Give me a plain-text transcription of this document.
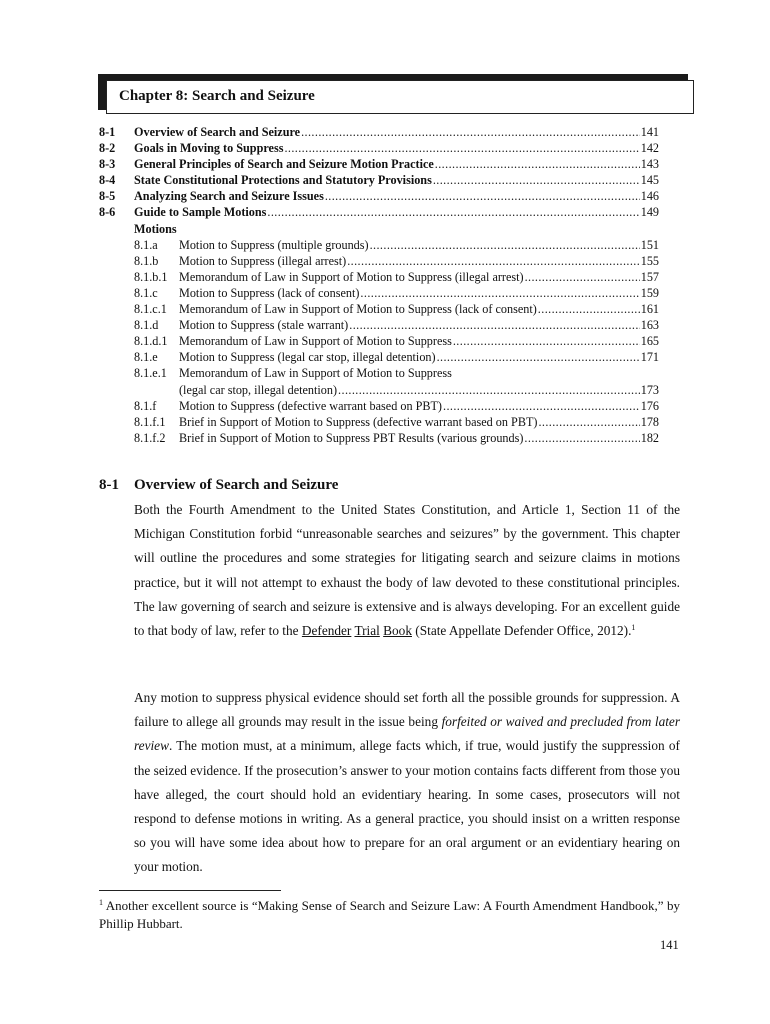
Chapter 8: Search and Seizure
8-1	Overview of Search and Seizure .....	141
8-2	Goals in Moving to Suppress .....	142
8-3	General Principles of Search and Seizure Motion Practice .....	143
8-4	State Constitutional Protections and Statutory Provisions .....	145
8-5	Analyzing Search and Seizure Issues .....	146
8-6	Guide to Sample Motions .....	149
Motions
8.1.a	Motion to Suppress (multiple grounds) .....	151
8.1.b	Motion to Suppress (illegal arrest) .....	155
8.1.b.1 Memorandum of Law in Support of Motion to Suppress (illegal arrest) .....	157
8.1.c	Motion to Suppress (lack of consent) .....	159
8.1.c.1 Memorandum of Law in Support of Motion to Suppress (lack of consent) .....	161
8.1.d	Motion to Suppress (stale warrant) .....	163
8.1.d.1 Memorandum of Law in Support of Motion to Suppress .....	165
8.1.e	Motion to Suppress (legal car stop, illegal detention) .....	171
8.1.e.1 Memorandum of Law in Support of Motion to Suppress
(legal car stop, illegal detention) .....	173
8.1.f	Motion to Suppress (defective warrant based on PBT) .....	176
8.1.f.1	Brief in Support of Motion to Suppress (defective warrant based on PBT) .....	178
8.1.f.2	Brief in Support of Motion to Suppress PBT Results (various grounds) .....	182
8-1 Overview of Search and Seizure

Both the Fourth Amendment to the United States Constitution, and Article 1, Section 11 of the Michigan Constitution forbid “unreasonable searches and seizures” by the government. This chapter will outline the procedures and some strategies for litigating search and seizure claims in motions practice, but it will not attempt to exhaust the body of law devoted to these constitutional principles. The law governing of search and seizure is extensive and is always developing. For an excellent guide to that body of law, refer to the Defender Trial Book (State Appellate Defender Office, 2012).$^1$

Any motion to suppress physical evidence should set forth all the possible grounds for suppression. A failure to allege all grounds may result in the issue being forfeited or waived and precluded from later review. The motion must, at a minimum, allege facts which, if true, would justify the suppression of the seized evidence. If the prosecution’s answer to your motion contains facts different from those you have alleged, the court should hold an evidentiary hearing. In some cases, prosecutors will not respond to defense motions in writing. As a general practice, you should insist on a written response so you will have some idea about how to prepare for an oral argument or an evidentiary hearing on your motion.

$^1$ Another excellent source is “Making Sense of Search and Seizure Law: A Fourth Amendment Handbook,” by Phillip Hubbart.
141
